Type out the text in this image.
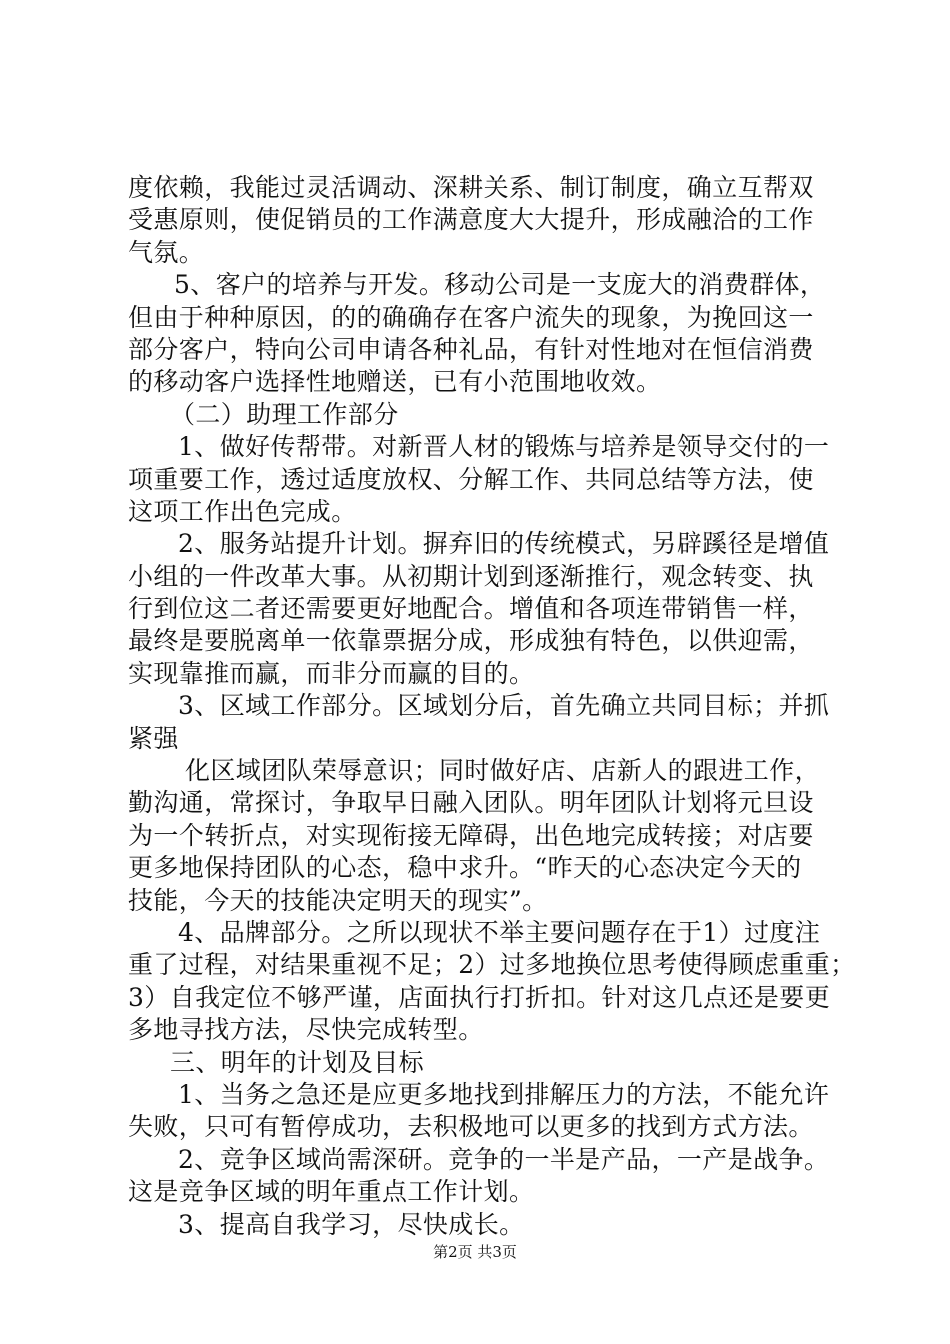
度依赖，我能过灵活调动、深耕关系、制订制度，确立互帮双
受惠原则，使促销员的工作满意度大大提升，形成融洽的工作
气氛。
5、客户的培养与开发。移动公司是一支庞大的消费群体，
但由于种种原因，的的确确存在客户流失的现象，为挽回这一
部分客户，特向公司申请各种礼品，有针对性地对在恒信消费
的移动客户选择性地赠送，已有小范围地收效。
（二）助理工作部分
1、做好传帮带。对新晋人材的锻炼与培养是领导交付的一
项重要工作，透过适度放权、分解工作、共同总结等方法，使
这项工作出色完成。
2、服务站提升计划。摒弃旧的传统模式，另辟蹊径是增值
小组的一件改革大事。从初期计划到逐渐推行，观念转变、执
行到位这二者还需要更好地配合。增值和各项连带销售一样，
最终是要脱离单一依靠票据分成，形成独有特色，以供迎需，
实现靠推而赢，而非分而赢的目的。
3、区域工作部分。区域划分后，首先确立共同目标；并抓
紧强
化区域团队荣辱意识；同时做好店、店新人的跟进工作，
勤沟通，常探讨，争取早日融入团队。明年团队计划将元旦设
为一个转折点，对实现衔接无障碍，出色地完成转接；对店要
更多地保持团队的心态，稳中求升。“昨天的心态决定今天的
技能，今天的技能决定明天的现实”。
4、品牌部分。之所以现状不举主要问题存在于1）过度注
重了过程，对结果重视不足；2）过多地换位思考使得顾虑重重；
3）自我定位不够严谨，店面执行打折扣。针对这几点还是要更
多地寻找方法，尽快完成转型。
三、明年的计划及目标
1、当务之急还是应更多地找到排解压力的方法，不能允许
失败，只可有暂停成功，去积极地可以更多的找到方式方法。
2、竞争区域尚需深研。竞争的一半是产品，一产是战争。
这是竞争区域的明年重点工作计划。
3、提高自我学习，尽快成长。
第2页 共3页
